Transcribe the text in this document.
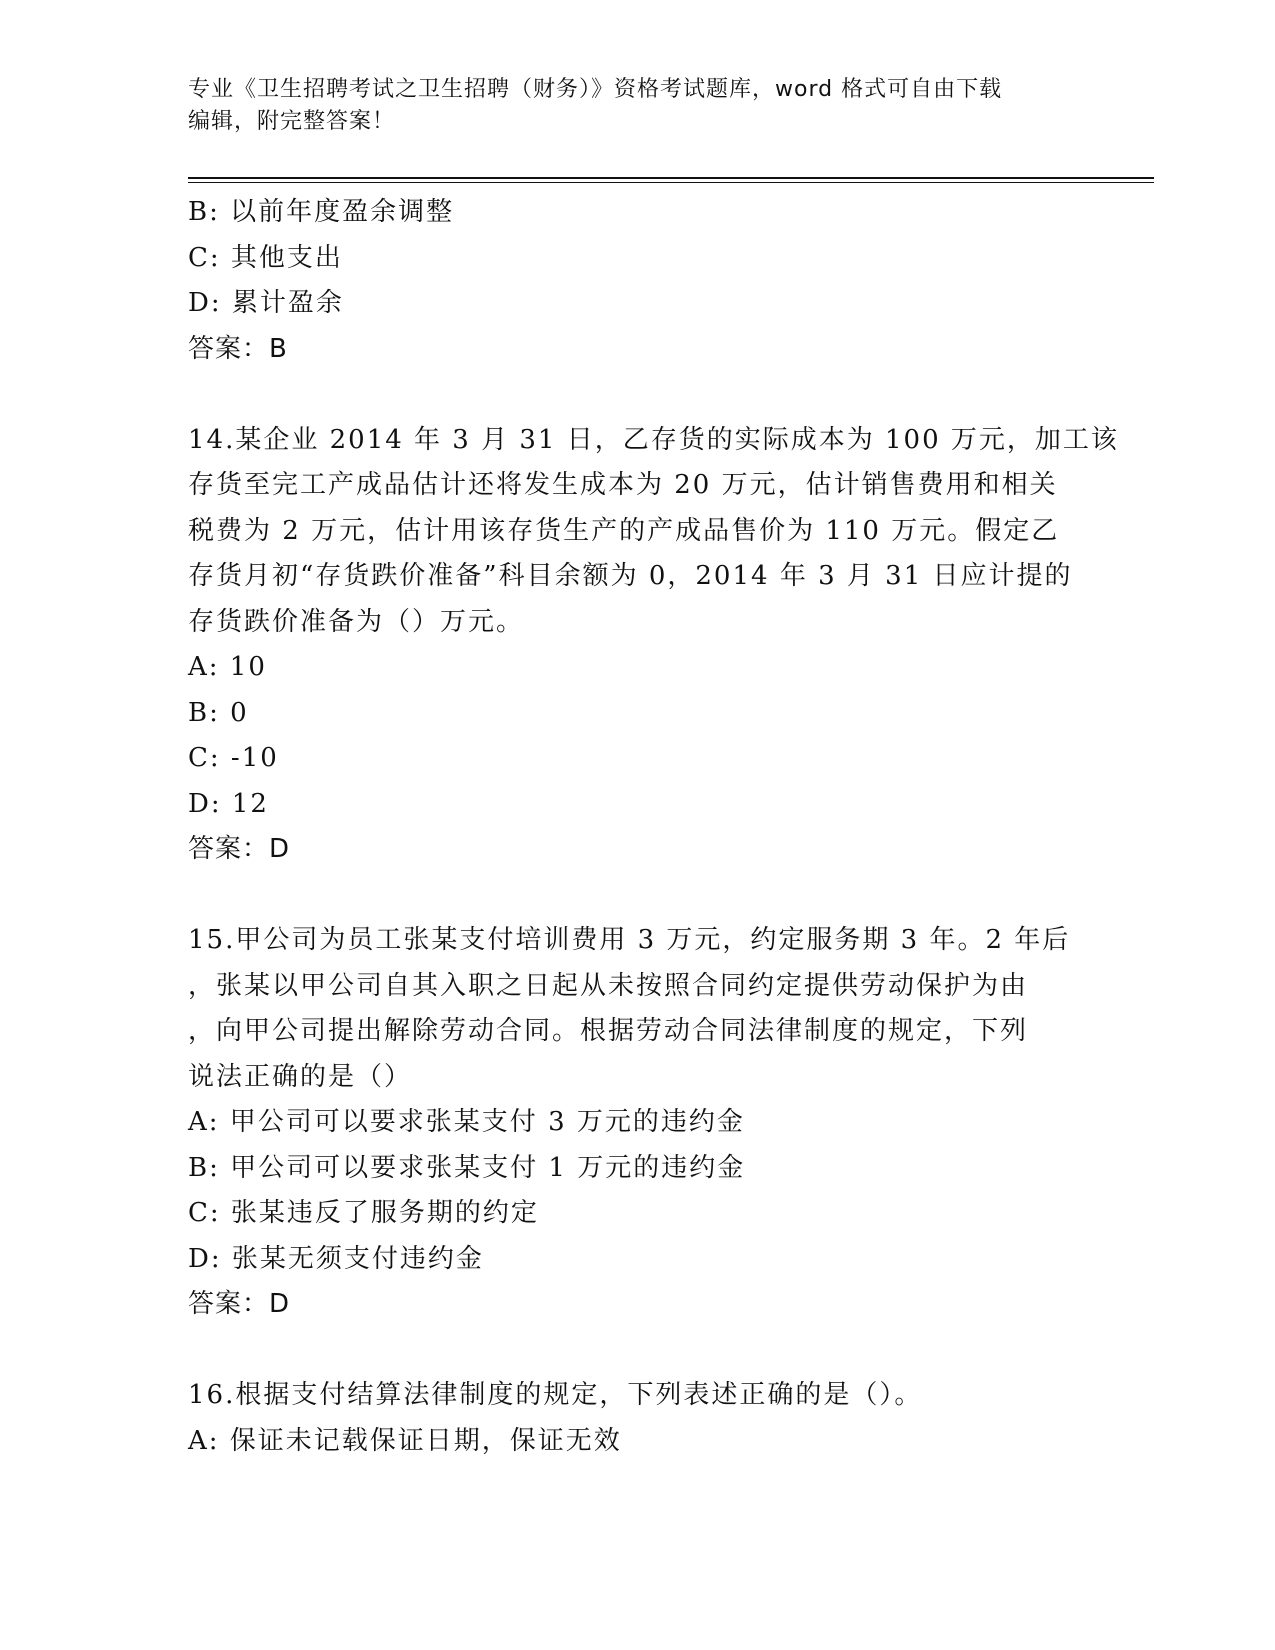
专业《卫生招聘考试之卫生招聘（财务）》资格考试题库，word 格式可自由下载
编辑，附完整答案！
B: 以前年度盈余调整
C: 其他支出
D: 累计盈余
答案：B
14.某企业 2014 年 3 月 31 日，乙存货的实际成本为 100 万元，加工该
存货至完工产成品估计还将发生成本为 20 万元，估计销售费用和相关
税费为 2 万元，估计用该存货生产的产成品售价为 110 万元。假定乙
存货月初“存货跌价准备”科目余额为 0，2014 年 3 月 31 日应计提的
存货跌价准备为（）万元。
A: 10
B: 0
C: -10
D: 12
答案：D
15.甲公司为员工张某支付培训费用 3 万元，约定服务期 3 年。2 年后
，张某以甲公司自其入职之日起从未按照合同约定提供劳动保护为由
，向甲公司提出解除劳动合同。根据劳动合同法律制度的规定，下列
说法正确的是（）
A: 甲公司可以要求张某支付 3 万元的违约金
B: 甲公司可以要求张某支付 1 万元的违约金
C: 张某违反了服务期的约定
D: 张某无须支付违约金
答案：D
16.根据支付结算法律制度的规定，下列表述正确的是（）。
A: 保证未记载保证日期，保证无效
